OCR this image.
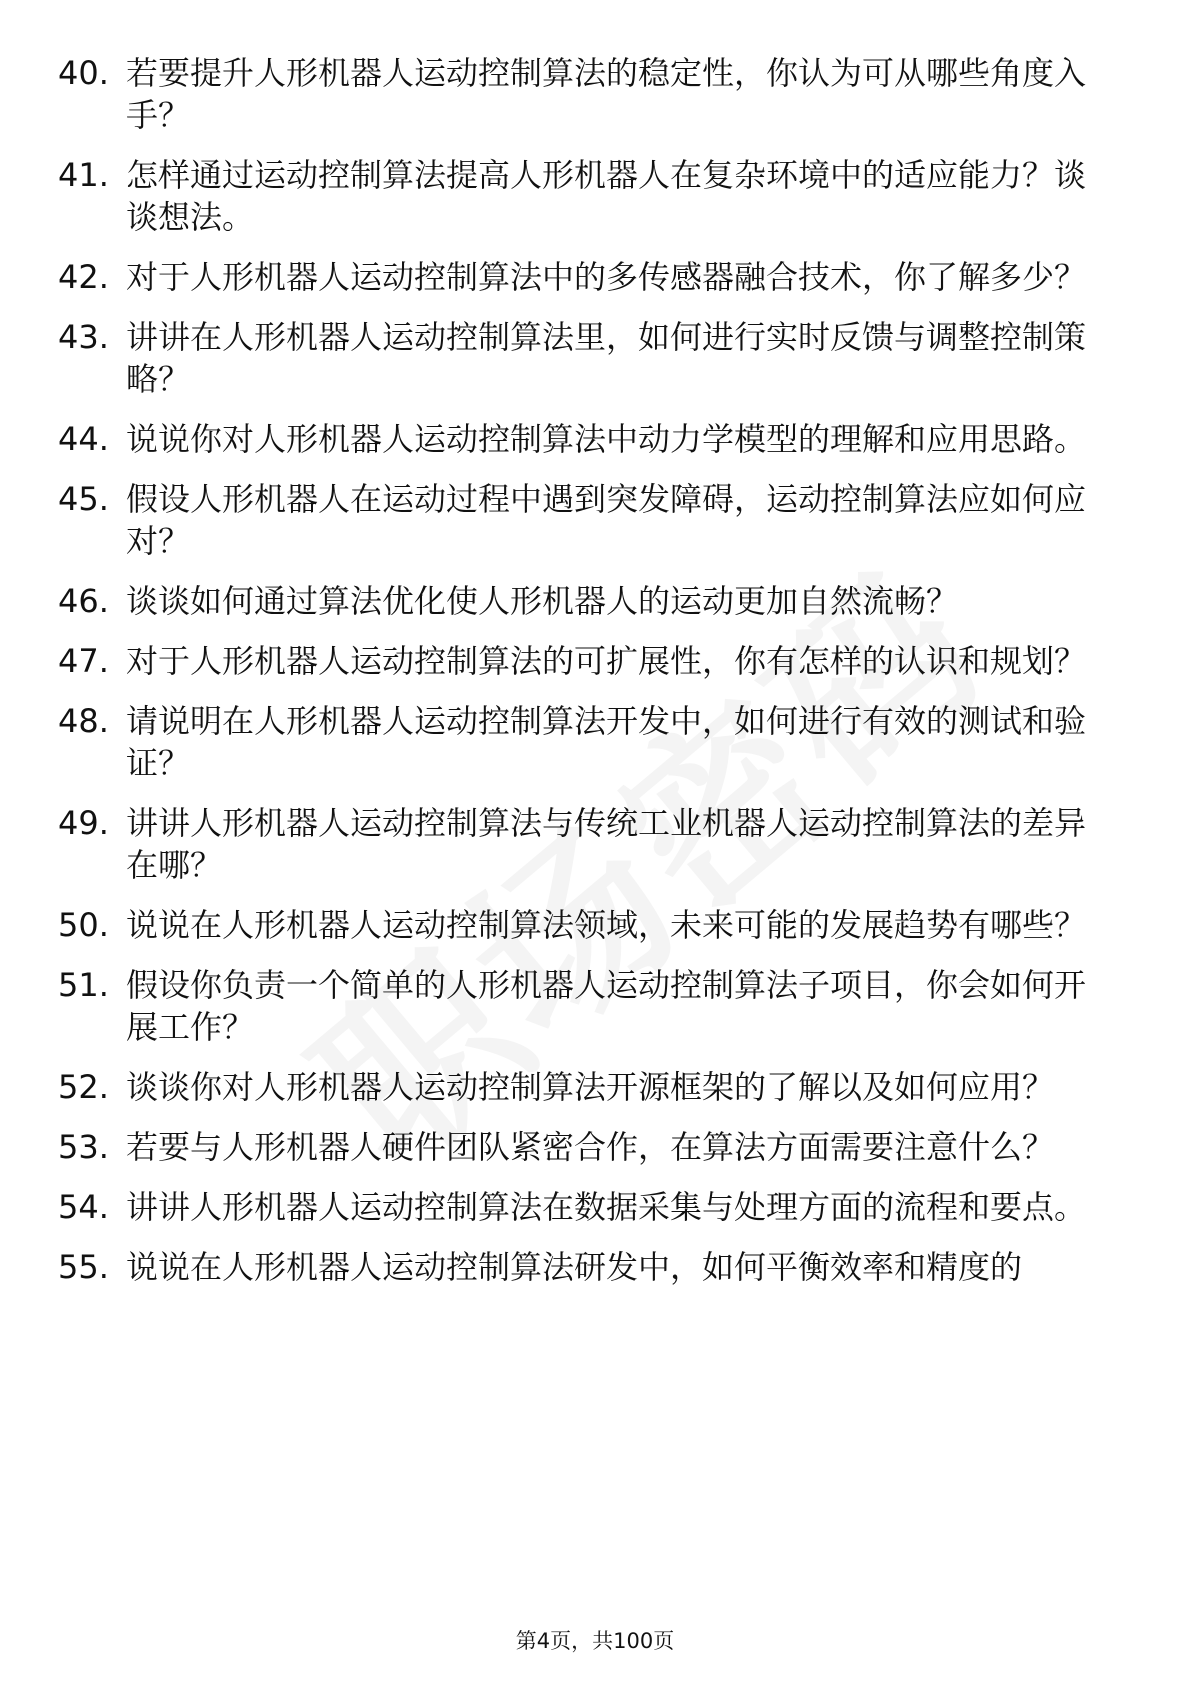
40. 若要提升人形机器人运动控制算法的稳定性，你认为可从哪些角度入手？
41. 怎样通过运动控制算法提高人形机器人在复杂环境中的适应能力？谈谈想法。
42. 对于人形机器人运动控制算法中的多传感器融合技术，你了解多少？
43. 讲讲在人形机器人运动控制算法里，如何进行实时反馈与调整控制策略？
44. 说说你对人形机器人运动控制算法中动力学模型的理解和应用思路。
45. 假设人形机器人在运动过程中遇到突发障碍，运动控制算法应如何应对？
46. 谈谈如何通过算法优化使人形机器人的运动更加自然流畅？
47. 对于人形机器人运动控制算法的可扩展性，你有怎样的认识和规划？
48. 请说明在人形机器人运动控制算法开发中，如何进行有效的测试和验证？
49. 讲讲人形机器人运动控制算法与传统工业机器人运动控制算法的差异在哪？
50. 说说在人形机器人运动控制算法领域，未来可能的发展趋势有哪些？
51. 假设你负责一个简单的人形机器人运动控制算法子项目，你会如何开展工作？
52. 谈谈你对人形机器人运动控制算法开源框架的了解以及如何应用？
53. 若要与人形机器人硬件团队紧密合作，在算法方面需要注意什么？
54. 讲讲人形机器人运动控制算法在数据采集与处理方面的流程和要点。
55. 说说在人形机器人运动控制算法研发中，如何平衡效率和精度的
第4页，共100页
